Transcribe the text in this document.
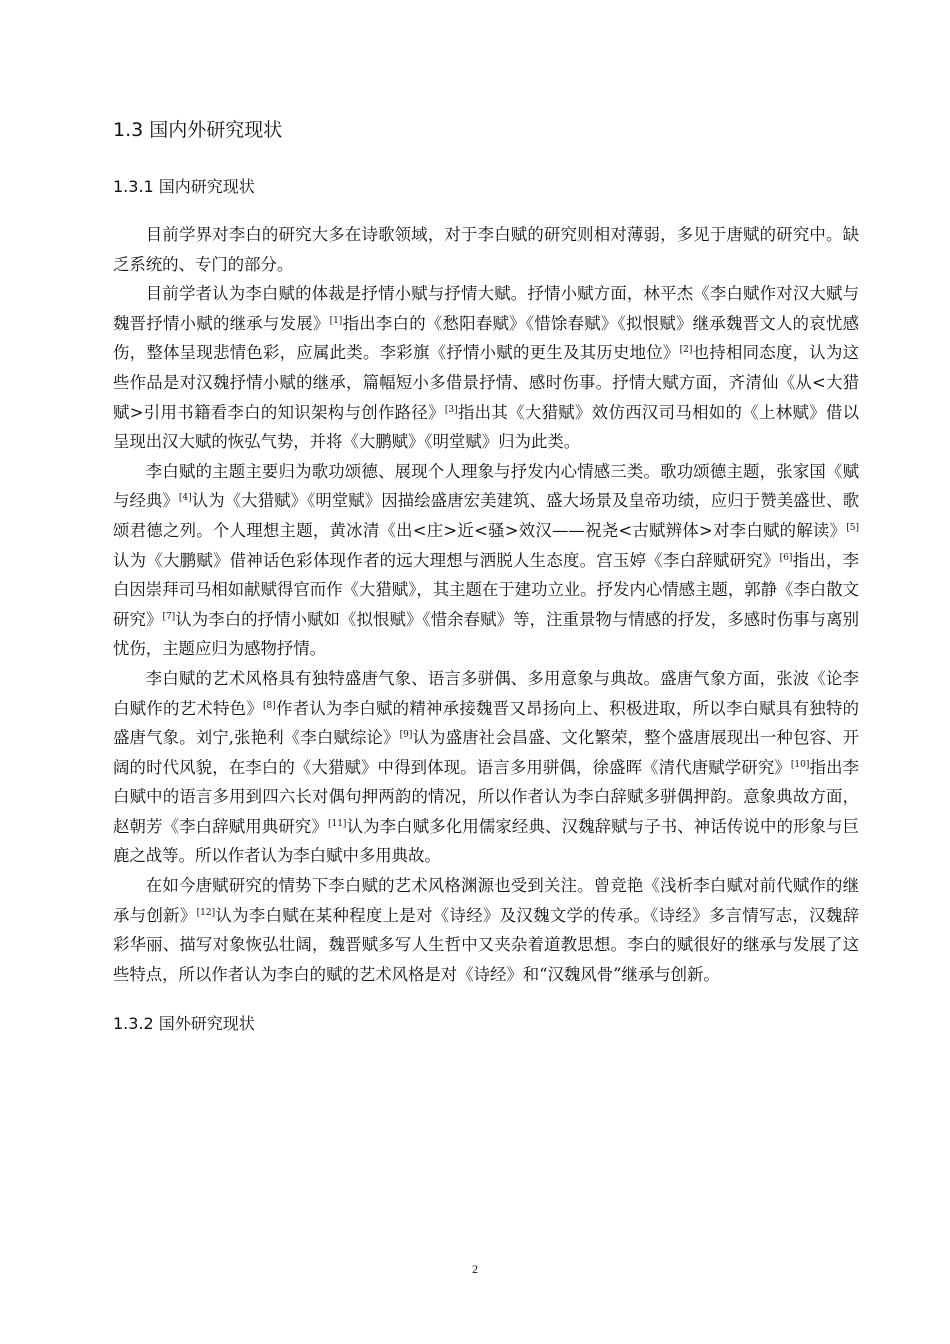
1.3 国内外研究现状
1.3.1 国内研究现状

目前学界对李白的研究大多在诗歌领域，对于李白赋的研究则相对薄弱，多见于唐赋的研究中。缺乏系统的、专门的部分。

目前学者认为李白赋的体裁是抒情小赋与抒情大赋。抒情小赋方面，林平杰《李白赋作对汉大赋与魏晋抒情小赋的继承与发展》[1]指出李白的《愁阳春赋》《惜馀春赋》《拟恨赋》继承魏晋文人的哀忧感伤，整体呈现悲情色彩，应属此类。李彩旗《抒情小赋的更生及其历史地位》[2]也持相同态度，认为这些作品是对汉魏抒情小赋的继承，篇幅短小多借景抒情、感时伤事。抒情大赋方面，齐清仙《从<大猎赋>引用书籍看李白的知识架构与创作路径》[3]指出其《大猎赋》效仿西汉司马相如的《上林赋》借以呈现出汉大赋的恢弘气势，并将《大鹏赋》《明堂赋》归为此类。

李白赋的主题主要归为歌功颂德、展现个人理象与抒发内心情感三类。歌功颂德主题，张家国《赋与经典》[4]认为《大猎赋》《明堂赋》因描绘盛唐宏美建筑、盛大场景及皇帝功绩，应归于赞美盛世、歌颂君德之列。个人理想主题，黄冰清《出<庄>近<骚>效汉——祝尧<古赋辨体>对李白赋的解读》[5]认为《大鹏赋》借神话色彩体现作者的远大理想与洒脱人生态度。宫玉婷《李白辞赋研究》[6]指出，李白因崇拜司马相如献赋得官而作《大猎赋》，其主题在于建功立业。抒发内心情感主题，郭静《李白散文研究》[7]认为李白的抒情小赋如《拟恨赋》《惜余春赋》等，注重景物与情感的抒发，多感时伤事与离别忧伤，主题应归为感物抒情。

李白赋的艺术风格具有独特盛唐气象、语言多骈偶、多用意象与典故。盛唐气象方面，张波《论李白赋作的艺术特色》[8]作者认为李白赋的精神承接魏晋又昂扬向上、积极进取，所以李白赋具有独特的盛唐气象。刘宁,张艳利《李白赋综论》[9]认为盛唐社会昌盛、文化繁荣，整个盛唐展现出一种包容、开阔的时代风貌，在李白的《大猎赋》中得到体现。语言多用骈偶，徐盛晖《清代唐赋学研究》[10]指出李白赋中的语言多用到四六长对偶句押两韵的情况，所以作者认为李白辞赋多骈偶押韵。意象典故方面，赵朝芳《李白辞赋用典研究》[11]认为李白赋多化用儒家经典、汉魏辞赋与子书、神话传说中的形象与巨鹿之战等。所以作者认为李白赋中多用典故。

在如今唐赋研究的情势下李白赋的艺术风格渊源也受到关注。曾竞艳《浅析李白赋对前代赋作的继承与创新》[12]认为李白赋在某种程度上是对《诗经》及汉魏文学的传承。《诗经》多言情写志，汉魏辞彩华丽、描写对象恢弘壮阔，魏晋赋多写人生哲中又夹杂着道教思想。李白的赋很好的继承与发展了这些特点，所以作者认为李白的赋的艺术风格是对《诗经》和“汉魏风骨”继承与创新。

1.3.2 国外研究现状
2
